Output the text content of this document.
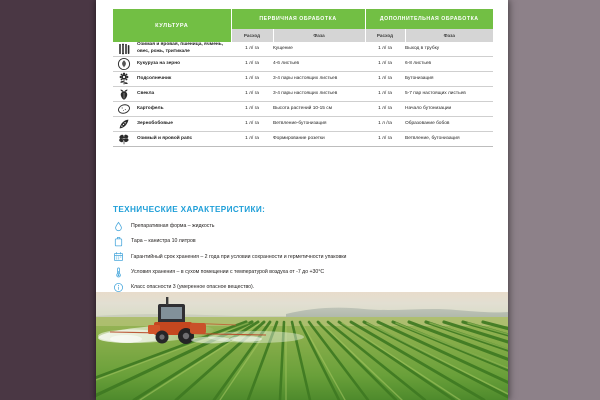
КУЛЬТУРА	ПЕРВИЧНАЯ ОБРАБОТКА		ДОПОЛНИТЕЛЬНАЯ ОБРАБОТКА	
	Расход	Фаза	Расход	Фаза

Озимая и яровая, пшеница, ячмень, овес, рожь, тритикале	1 л/ га	Кущение	1 л/ га	Выход в трубку

Кукуруза на зерно	1 л/ га	4-6 листьев	1 л/ га	6-8 листьев

Подсолнечник	1 л/ га	3-4 пары настоящих листьев	1 л/ га	Бутонизация

Свекла	1 л/ га	3-4 пары настоящих листьев	1 л/ га	5-7 пар настоящих листьев

Картофель	1 л/ га	Высота растений 10-15 см	1 л/ га	Начало бутонизации

Зернобобовые	1 л/ га	Ветвление-бутонизация	1 л /га	Образование бобов

Озимый и яровой рапс	1 л/ га	Формирование розетки	1 л/ га	Ветвление, бутонизация
ТЕХНИЧЕСКИЕ ХАРАКТЕРИСТИКИ:
Препаративная форма – жидкость
Тара – канистра 10 литров
Гарантийный срок хранения – 2 года при условии сохранности и герметичности упаковки
Условия хранения – в сухом помещении с температурой воздуха от -7 до +30°С
Класс опасности 3 (умеренное опасное вещество).
